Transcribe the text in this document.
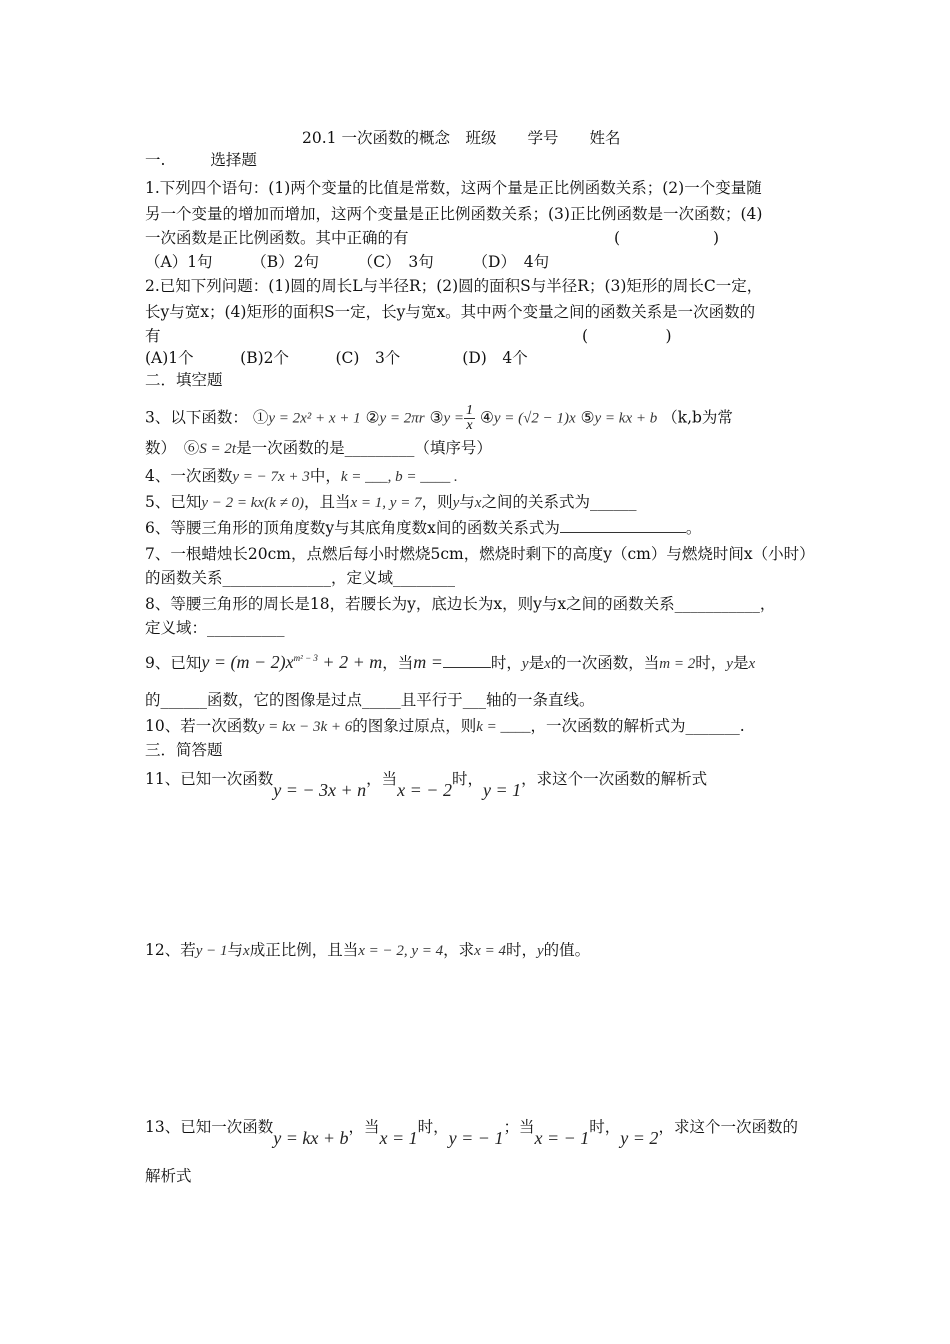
20.1 一次函数的概念　班级　　学号　　姓名
一.	选择题
1.下列四个语句：(1)两个变量的比值是常数，这两个量是正比例函数关系；(2)一个变量随
另一个变量的增加而增加，这两个变量是正比例函数关系；(3)正比例函数是一次函数；(4)
一次函数是正比例函数。其中正确的有	(　　　　　　)
（A）1句　　　（B）2句　　　（C）　3句　　　（D）　4句
2.已知下列问题：(1)圆的周长L与半径R；(2)圆的面积S与半径R；(3)矩形的周长C一定，
长y与宽x；(4)矩形的面积S一定，长y与宽x。其中两个变量之间的函数关系是一次函数的
有	(　　　　　)
(A)1个　　　(B)2个　　　(C)　3个　　　　(D)　4个
二．填空题
3、以下函数： ①y = 2x² + x + 1 ②y = 2πr ③y = $\frac{1}{x}$ ④y = (√2 − 1)x ⑤y = kx + b （k,b为常
数）　⑥S = 2t是一次函数的是_________（填序号）
4、一次函数y = − 7x + 3中，k = ___, b = ____ .
5、已知y − 2 = kx(k ≠ 0)，且当x = 1, y = 7，则y与x之间的关系式为______
6、等腰三角形的顶角度数y与其底角度数x间的函数关系式为	。
7、一根蜡烛长20cm，点燃后每小时燃烧5cm，燃烧时剩下的高度y（cm）与燃烧时间x（小时）
的函数关系______________，定义域________
8、等腰三角形的周长是18，若腰长为y，底边长为x，则y与x之间的函数关系___________，
定义域：__________
9、已知$y = (m - 2)x^{m^2 - 3} + 2 + m$，当m =	时，y是x的一次函数，当m = 2时，y是x
的______函数，它的图像是过点_____且平行于___轴的一条直线。
10、若一次函数y = kx − 3k + 6的图象过原点，则k = ____，一次函数的解析式为_______.
三．简答题
11、已知一次函数y = − 3x + n，当x = − 2时，y = 1，求这个一次函数的解析式
12、若y − 1与x成正比例，且当x = − 2, y = 4，求x = 4时，y的值。
13、已知一次函数y = kx + b，当x = 1时，y = − 1；当x = − 1时，y = 2，求这个一次函数的
解析式
